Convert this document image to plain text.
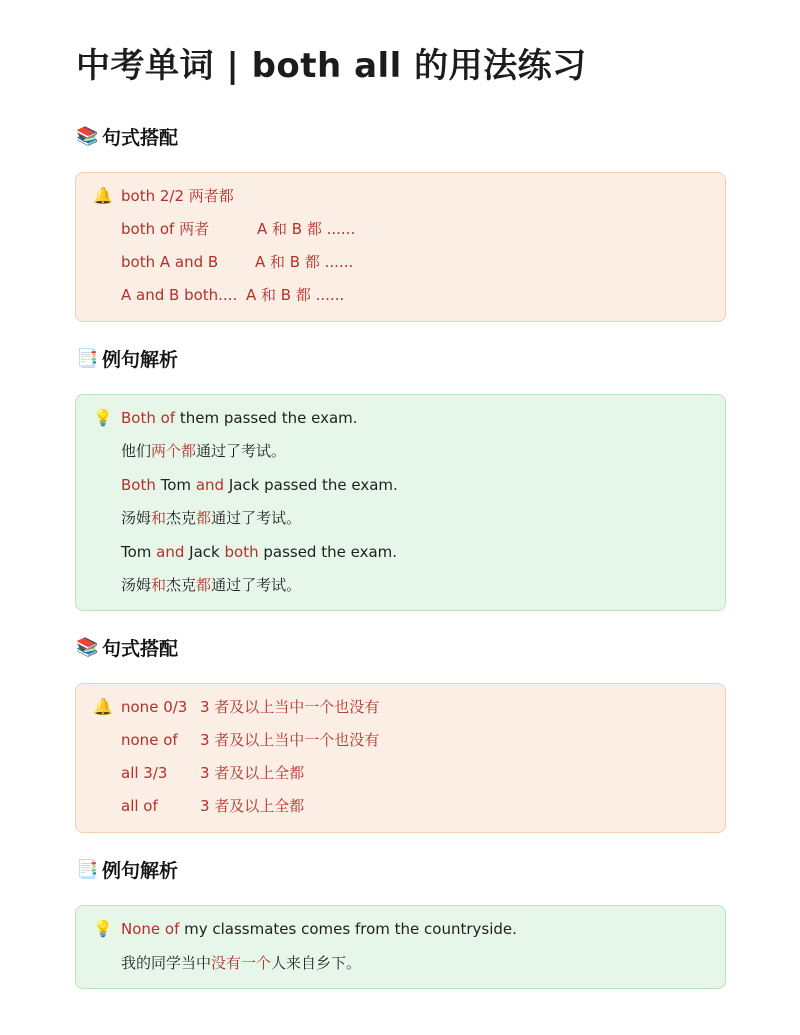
中考单词 | both all 的用法练习
📚 句式搭配
🔔 both 2/2 两者都
both of 两者	A 和 B 都 ......
both A and B A 和 B 都 ......
A and B both.... A 和 B 都 ......
📑 例句解析
💡 Both of them passed the exam.
他们两个都通过了考试。
Both Tom and Jack passed the exam.
汤姆和杰克都通过了考试。
Tom and Jack both passed the exam.
汤姆和杰克都通过了考试。
📚 句式搭配
🔔 none 0/3 3 者及以上当中一个也没有
none of 3 者及以上当中一个也没有
all 3/3 3 者及以上全都
all of	3 者及以上全都
📑 例句解析
💡 None of my classmates comes from the countryside.
我的同学当中没有一个人来自乡下。
